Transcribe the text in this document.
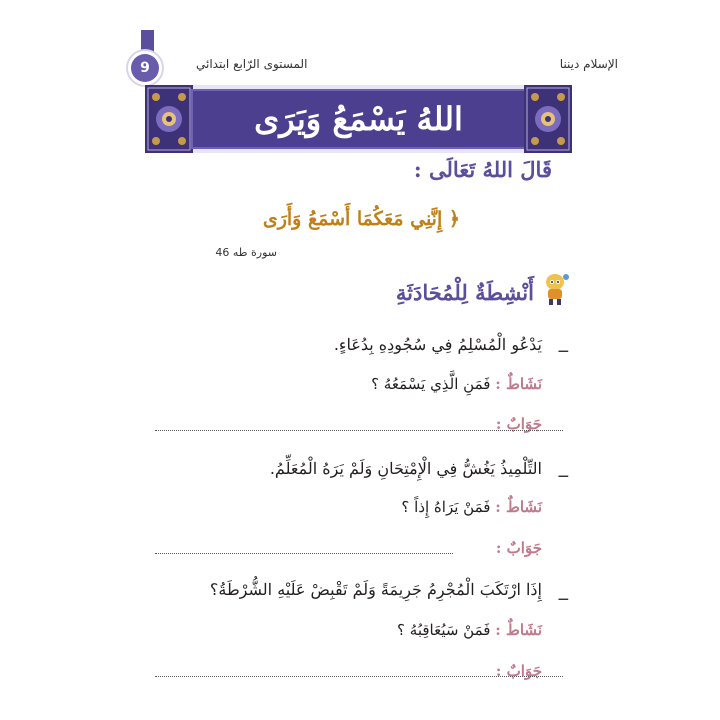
الإسلام ديننا
المستوى الرّابع ابتدائي
9
اللهُ يَسْمَعُ وَيَرَى
قَالَ اللهُ تَعَالَى :
﴿ إِنَّنِي مَعَكُمَا أَسْمَعُ وَأَرَى
سورة طه 46
أَنْشِطَةٌ لِلْمُحَادَثَةِ
ــ
يَدْعُو الْمُسْلِمُ فِي سُجُودِهِ بِدُعَاءٍ.
نَشَاطٌ : فَمَنِ الَّذِي يَسْمَعُهُ ؟
جَوَابٌ :
ــ
التِّلْمِيذُ يَغُشُّ فِي الْإِمْتِحَانِ وَلَمْ يَرَهُ الْمُعَلِّمُ.
نَشَاطٌ : فَمَنْ يَرَاهُ إِذاً ؟
جَوَابٌ :
ــ
إِذَا ارْتَكَبَ الْمُجْرِمُ جَرِيمَةً وَلَمْ تَقْبِضْ عَلَيْهِ الشُّرْطَةُ؟
نَشَاطٌ : فَمَنْ سَيُعَاقِبُهُ ؟
جَوَابٌ :
